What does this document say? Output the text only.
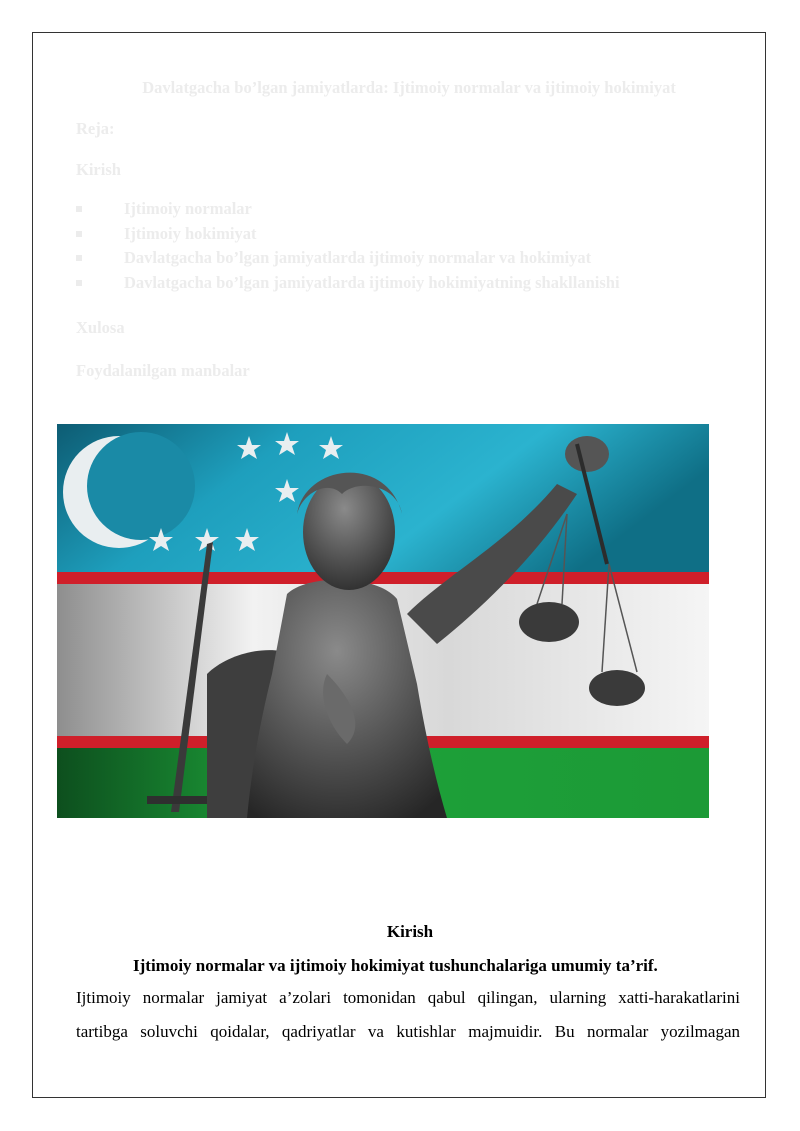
Davlatgacha bo’lgan jamiyatlarda: Ijtimoiy normalar va ijtimoiy hokimiyat
Reja:
Kirish
Ijtimoiy normalar
Ijtimoiy hokimiyat
Davlatgacha bo’lgan jamiyatlarda ijtimoiy normalar va hokimiyat
Davlatgacha bo’lgan jamiyatlarda ijtimoiy hokimiyatning shakllanishi
Xulosa
Foydalanilgan manbalar
Kirish
Ijtimoiy normalar va ijtimoiy hokimiyat tushunchalariga umumiy ta’rif.
Ijtimoiy normalar jamiyat a’zolari tomonidan qabul qilingan, ularning xatti-harakatlarini
tartibga soluvchi qoidalar, qadriyatlar va kutishlar majmuidir. Bu normalar yozilmagan
